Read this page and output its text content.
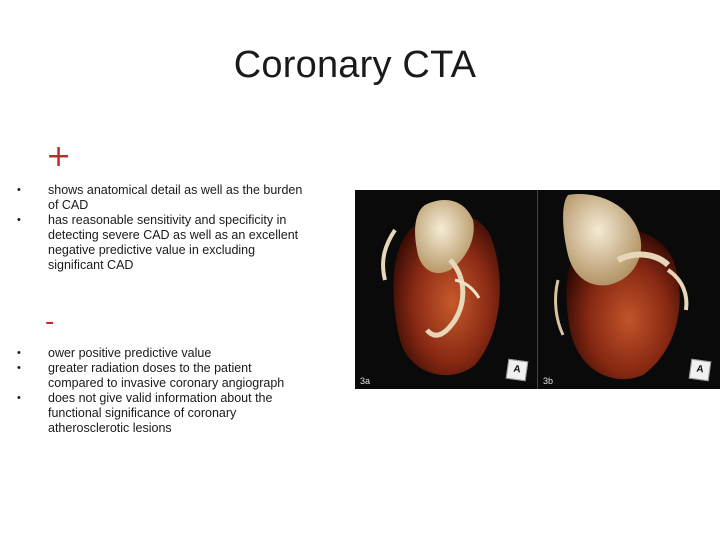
Coronary CTA
+
• shows anatomical detail as well as the burden of CAD
• has reasonable sensitivity and specificity in detecting severe CAD as well as an excellent negative predictive value in excluding significant CAD
-
• ower positive predictive value
• greater radiation doses to the patient compared to invasive coronary angiograph
• does not give valid information about the functional significance of coronary atherosclerotic lesions
A
3a
A
3b
